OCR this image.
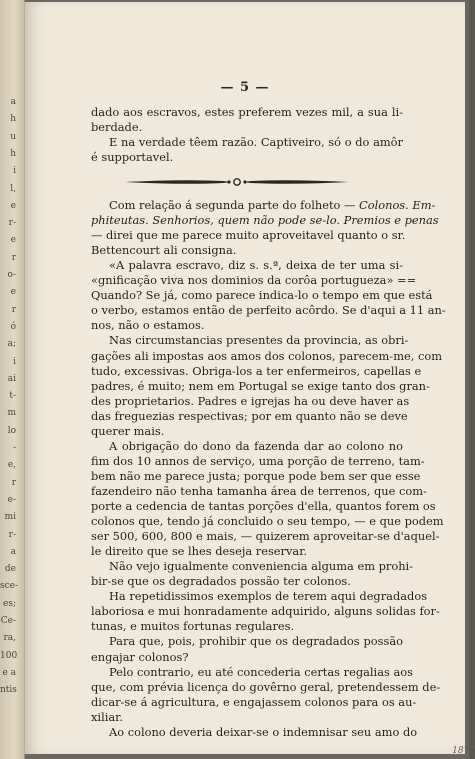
a
h
u
h
i
l,
e
r-
e
r
o-
e
r
ó
a;
i
ai
t-
m
lo
-
e,
r
e-
mi
r-
a
de
sce-
es;
Ce-
ra,
100
e a
ntis
— 5 —
dado aos escravos, estes preferem vezes mil, a sua li-
berdade.
E na verdade têem razão. Captiveiro, só o do amôr
é supportavel.
Com relação á segunda parte do folheto — Colonos. Em-
phiteutas. Senhorios, quem não pode se-lo. Premios e penas
— direi que me parece muito aproveitavel quanto o sr.
Bettencourt ali consigna.
«A palavra escravo, diz s. s.ª, deixa de ter uma si-
«gnificação viva nos dominios da corôa portugueza» ==
Quando? Se já, como parece indica-lo o tempo em que está
o verbo, estamos então de perfeito acôrdo. Se d'aqui a 11 an-
nos, não o estamos.
Nas circumstancias presentes da provincia, as obri-
gações ali impostas aos amos dos colonos, parecem-me, com
tudo, excessivas. Obriga-los a ter enfermeiros, capellas e
padres, é muito; nem em Portugal se exige tanto dos gran-
des proprietarios. Padres e igrejas ha ou deve haver as
das freguezias respectivas; por em quanto não se deve
querer mais.
A obrigação do dono da fazenda dar ao colono no
fim dos 10 annos de serviço, uma porção de terreno, tam-
bem não me parece justa; porque pode bem ser que esse
fazendeiro não tenha tamanha área de terrenos, que com-
porte a cedencia de tantas porções d'ella, quantos forem os
colonos que, tendo já concluido o seu tempo, — e que podem
ser 500, 600, 800 e mais, — quizerem aproveitar-se d'aquel-
le direito que se lhes deseja reservar.
Não vejo igualmente conveniencia alguma em prohi-
bir-se que os degradados possão ter colonos.
Ha repetidissimos exemplos de terem aqui degradados
laboriosa e mui honradamente adquirido, alguns solidas for-
tunas, e muitos fortunas regulares.
Para que, pois, prohibir que os degradados possão
engajar colonos?
Pelo contrario, eu até concederia certas regalias aos
que, com prévia licença do govêrno geral, pretendessem de-
dicar-se á agricultura, e engajassem colonos para os au-
xiliar.
Ao colono deveria deixar-se o indemnisar seu amo do
1877
